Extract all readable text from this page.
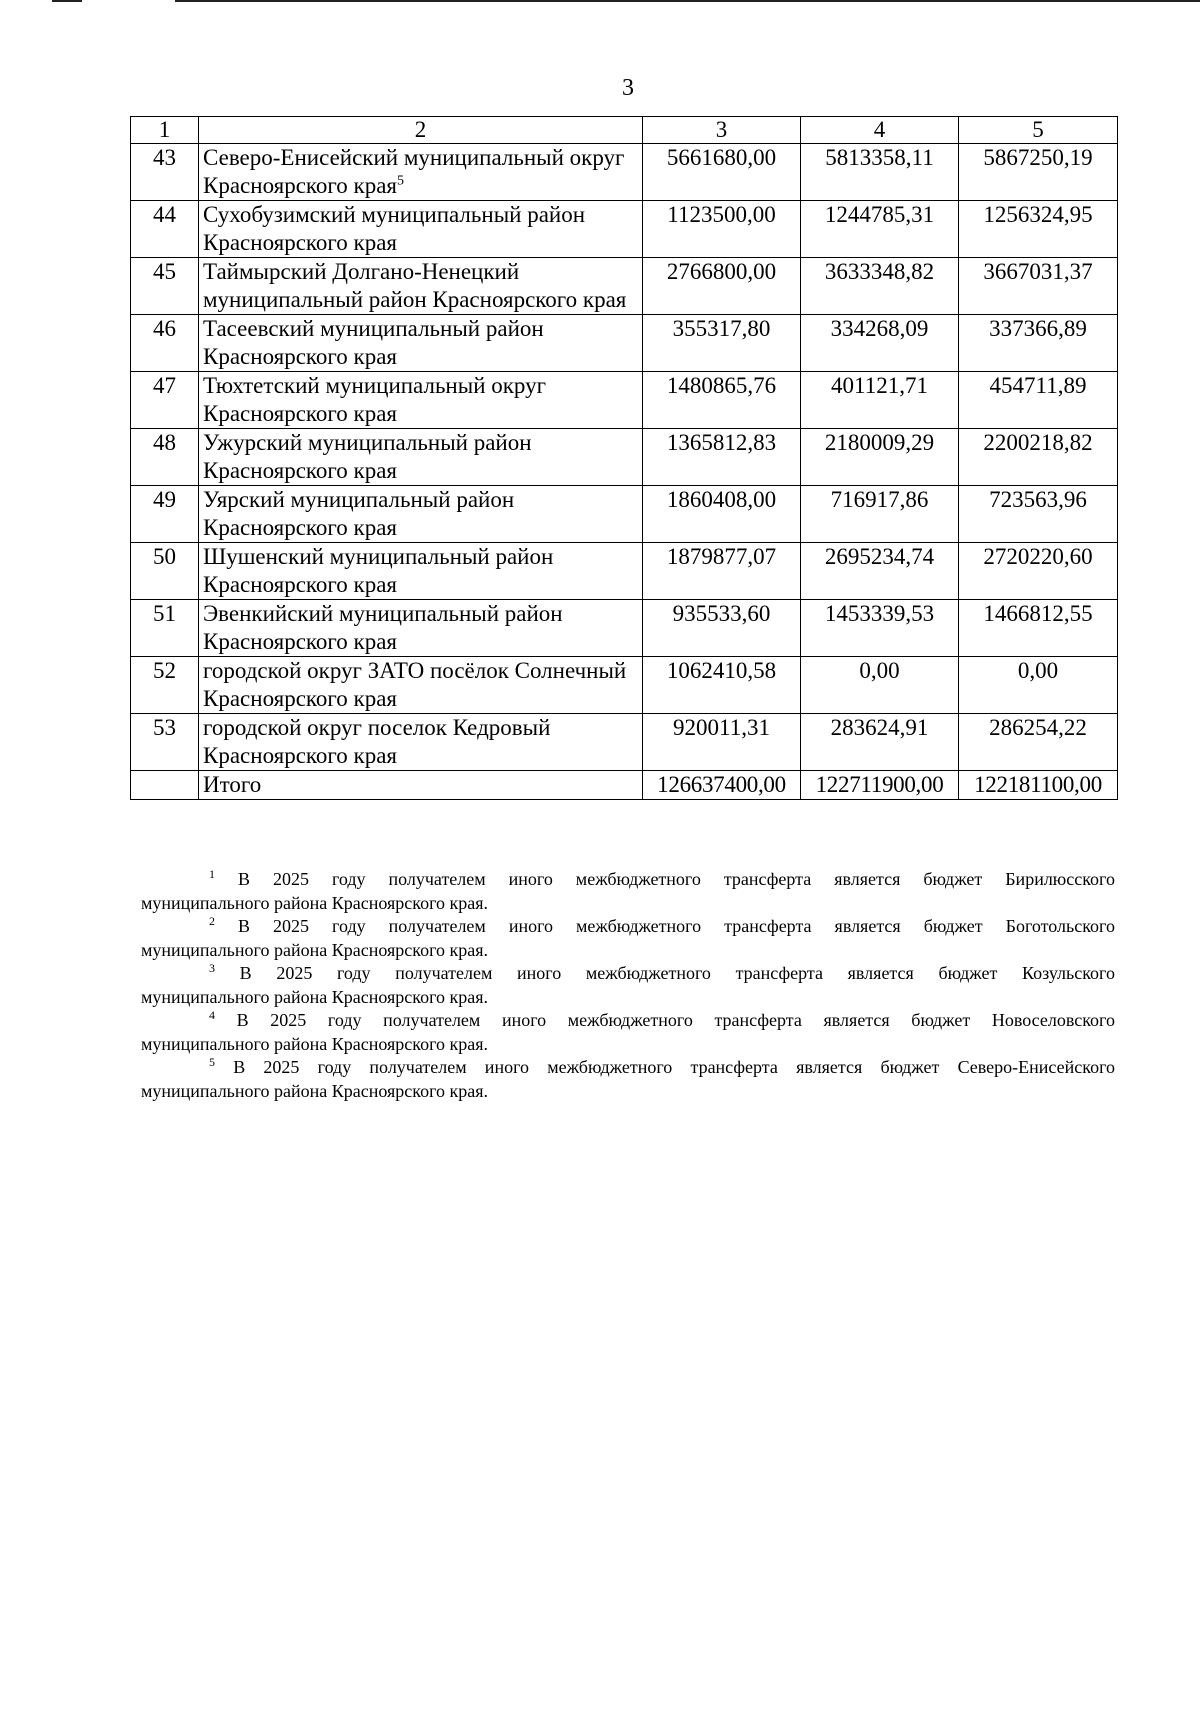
3
1	2	3	4	5
43	Северо-Енисейский муниципальный округ Красноярского края$^5$	5661680,00	5813358,11	5867250,19
44	Сухобузимский муниципальный район Красноярского края	1123500,00	1244785,31	1256324,95
45	Таймырский Долгано-Ненецкий муниципальный район Красноярского края	2766800,00	3633348,82	3667031,37
46	Тасеевский муниципальный район Красноярского края	355317,80	334268,09	337366,89
47	Тюхтетский муниципальный округ Красноярского края	1480865,76	401121,71	454711,89
48	Ужурский муниципальный район Красноярского края	1365812,83	2180009,29	2200218,82
49	Уярский муниципальный район Красноярского края	1860408,00	716917,86	723563,96
50	Шушенский муниципальный район Красноярского края	1879877,07	2695234,74	2720220,60
51	Эвенкийский муниципальный район Красноярского края	935533,60	1453339,53	1466812,55
52	городской округ ЗАТО посёлок Солнечный Красноярского края	1062410,58	0,00	0,00
53	городской округ поселок Кедровый Красноярского края	920011,31	283624,91	286254,22
	Итого	126637400,00	122711900,00	122181100,00
$^1$ В 2025 году получателем иного межбюджетного трансферта является бюджет Бирилюсского
муниципального района Красноярского края.
$^2$ В 2025 году получателем иного межбюджетного трансферта является бюджет Боготольского
муниципального района Красноярского края.
$^3$ В 2025 году получателем иного межбюджетного трансферта является бюджет Козульского
муниципального района Красноярского края.
$^4$ В 2025 году получателем иного межбюджетного трансферта является бюджет Новоселовского
муниципального района Красноярского края.
$^5$ В 2025 году получателем иного межбюджетного трансферта является бюджет Северо-Енисейского
муниципального района Красноярского края.
